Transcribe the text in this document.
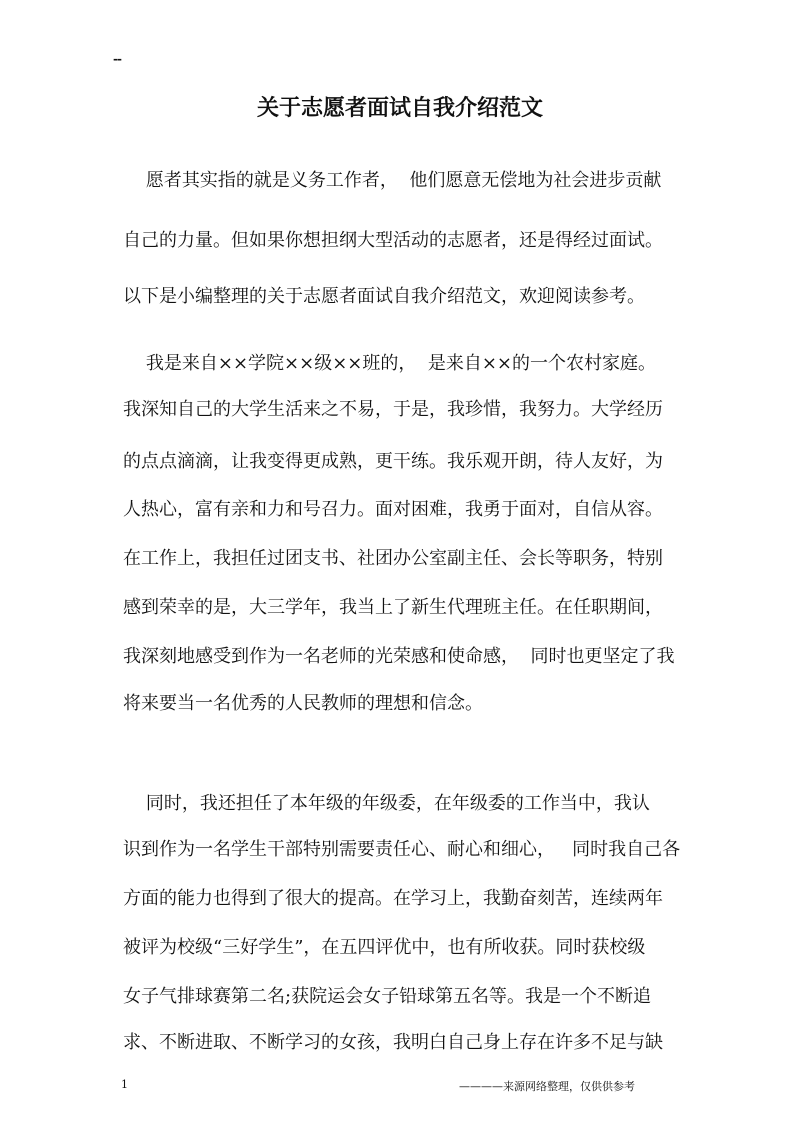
--
关于志愿者面试自我介绍范文
愿者其实指的就是义务工作者，  他们愿意无偿地为社会进步贡献
自己的力量。但如果你想担纲大型活动的志愿者，还是得经过面试。
以下是小编整理的关于志愿者面试自我介绍范文，欢迎阅读参考。
我是来自××学院××级××班的，  是来自××的一个农村家庭。
我深知自己的大学生活来之不易，于是，我珍惜，我努力。大学经历
的点点滴滴，让我变得更成熟，更干练。我乐观开朗，待人友好，为
人热心，富有亲和力和号召力。面对困难，我勇于面对，自信从容。
在工作上，我担任过团支书、社团办公室副主任、会长等职务，特别
感到荣幸的是，大三学年，我当上了新生代理班主任。在任职期间，
我深刻地感受到作为一名老师的光荣感和使命感，  同时也更坚定了我
将来要当一名优秀的人民教师的理想和信念。
同时，我还担任了本年级的年级委，在年级委的工作当中，我认
识到作为一名学生干部特别需要责任心、耐心和细心，   同时我自己各
方面的能力也得到了很大的提高。在学习上，我勤奋刻苦，连续两年
被评为校级“三好学生”，在五四评优中，也有所收获。同时获校级
女子气排球赛第二名;获院运会女子铅球第五名等。我是一个不断追
求、不断进取、不断学习的女孩，我明白自己身上存在许多不足与缺
1	————来源网络整理，仅供供参考
